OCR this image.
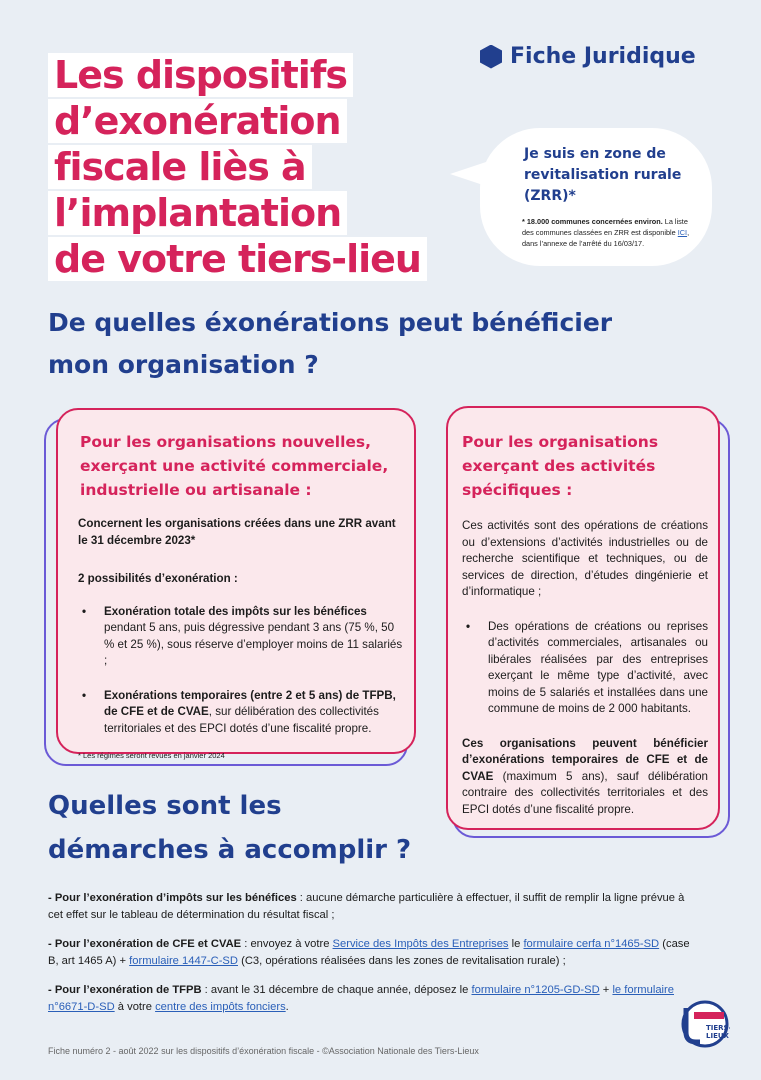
Les dispositifs
d’exonération
fiscale liès à
l’implantation
de votre tiers-lieu
Fiche Juridique
Je suis en zone de revitalisation rurale (ZRR)*
* 18.000 communes concernées environ. La liste des communes classées en ZRR est disponible ICI, dans l’annexe de l’arrêté du 16/03/17.
De quelles éxonérations peut bénéficier
mon organisation ?
Pour les organisations nouvelles, exerçant une activité commerciale, industrielle ou artisanale :

Concernent les organisations créées dans une ZRR avant le 31 décembre 2023*

2 possibilités d’exonération :

• Exonération totale des impôts sur les bénéfices pendant 5 ans, puis dégressive pendant 3 ans (75 %, 50 % et 25 %), sous réserve d’employer moins de 11 salariés ;
• Exonérations temporaires (entre 2 et 5 ans) de TFPB, de CFE et de CVAE, sur délibération des collectivités territoriales et des EPCI dotés d’une fiscalité propre.
* Les régimes seront revues en janvier 2024
Pour les organisations exerçant des activités spécifiques :

Ces activités sont des opérations de créations ou d’extensions d’activités industrielles ou de recherche scientifique et techniques, ou de services de direction, d’études dingénierie et d’informatique ;

• Des opérations de créations ou reprises d’activités commerciales, artisanales ou libérales réalisées par des entreprises exerçant le même type d’activité, avec moins de 5 salariés et installées dans une commune de moins de 2 000 habitants.

Ces organisations peuvent bénéficier d’exonérations temporaires de CFE et de CVAE (maximum 5 ans), sauf délibération contraire des collectivités territoriales et des EPCI dotés d’une fiscalité propre.

Quelles sont les
démarches à accomplir ?

- Pour l’exonération d’impôts sur les bénéfices : aucune démarche particulière à effectuer, il suffit de remplir la ligne prévue à cet effet sur le tableau de détermination du résultat fiscal ;

- Pour l’exonération de CFE et CVAE : envoyez à votre Service des Impôts des Entreprises le formulaire cerfa n°1465-SD (case B, art 1465 A) + formulaire 1447-C-SD (C3, opérations réalisées dans les zones de revitalisation rurale) ;

- Pour l’exonération de TFPB : avant le 31 décembre de chaque année, déposez le formulaire n°1205-GD-SD + le formulaire n°6671-D-SD à votre centre des impôts fonciers.

Fiche numéro 2 - août 2022 sur les dispositifs d’éxonération fiscale - ©Association Nationale des Tiers-Lieux
TIERS-
LIEUX
